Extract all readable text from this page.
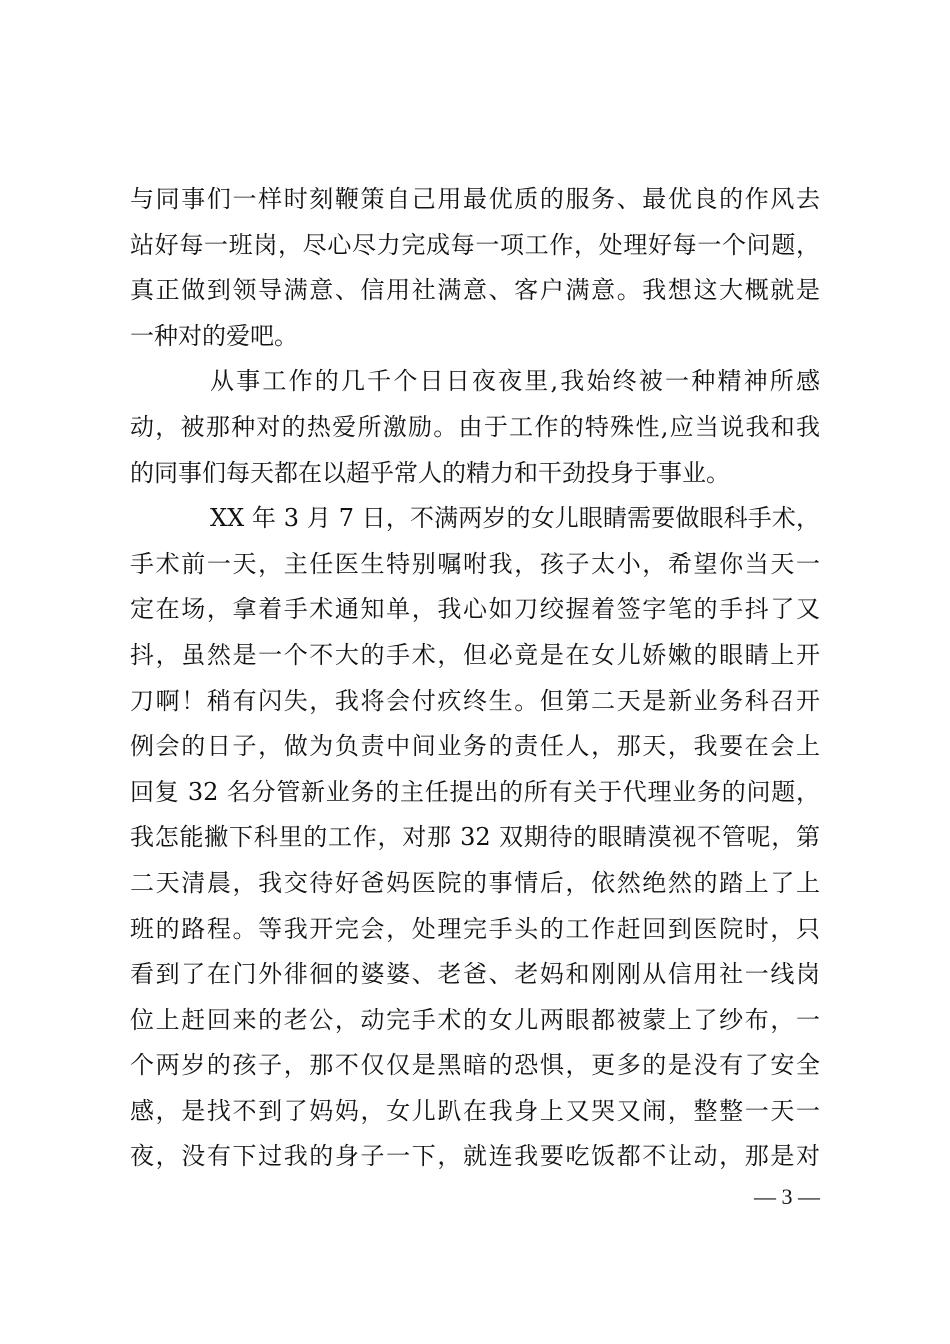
与同事们一样时刻鞭策自己用最优质的服务、最优良的作风去
站好每一班岗，尽心尽力完成每一项工作，处理好每一个问题，
真正做到领导满意、信用社满意、客户满意。我想这大概就是
一种对的爱吧。
从事工作的几千个日日夜夜里,我始终被一种精神所感
动，被那种对的热爱所激励。由于工作的特殊性,应当说我和我
的同事们每天都在以超乎常人的精力和干劲投身于事业。
XX 年 3 月 7 日，不满两岁的女儿眼睛需要做眼科手术，
手术前一天，主任医生特别嘱咐我，孩子太小，希望你当天一
定在场，拿着手术通知单，我心如刀绞握着签字笔的手抖了又
抖，虽然是一个不大的手术，但必竟是在女儿娇嫩的眼睛上开
刀啊！稍有闪失，我将会付疚终生。但第二天是新业务科召开
例会的日子，做为负责中间业务的责任人，那天，我要在会上
回复 32 名分管新业务的主任提出的所有关于代理业务的问题，
我怎能撇下科里的工作，对那 32 双期待的眼睛漠视不管呢，第
二天清晨，我交待好爸妈医院的事情后，依然绝然的踏上了上
班的路程。等我开完会，处理完手头的工作赶回到医院时，只
看到了在门外徘徊的婆婆、老爸、老妈和刚刚从信用社一线岗
位上赶回来的老公，动完手术的女儿两眼都被蒙上了纱布，一
个两岁的孩子，那不仅仅是黑暗的恐惧，更多的是没有了安全
感，是找不到了妈妈，女儿趴在我身上又哭又闹，整整一天一
夜，没有下过我的身子一下，就连我要吃饭都不让动，那是对
— 3 —
